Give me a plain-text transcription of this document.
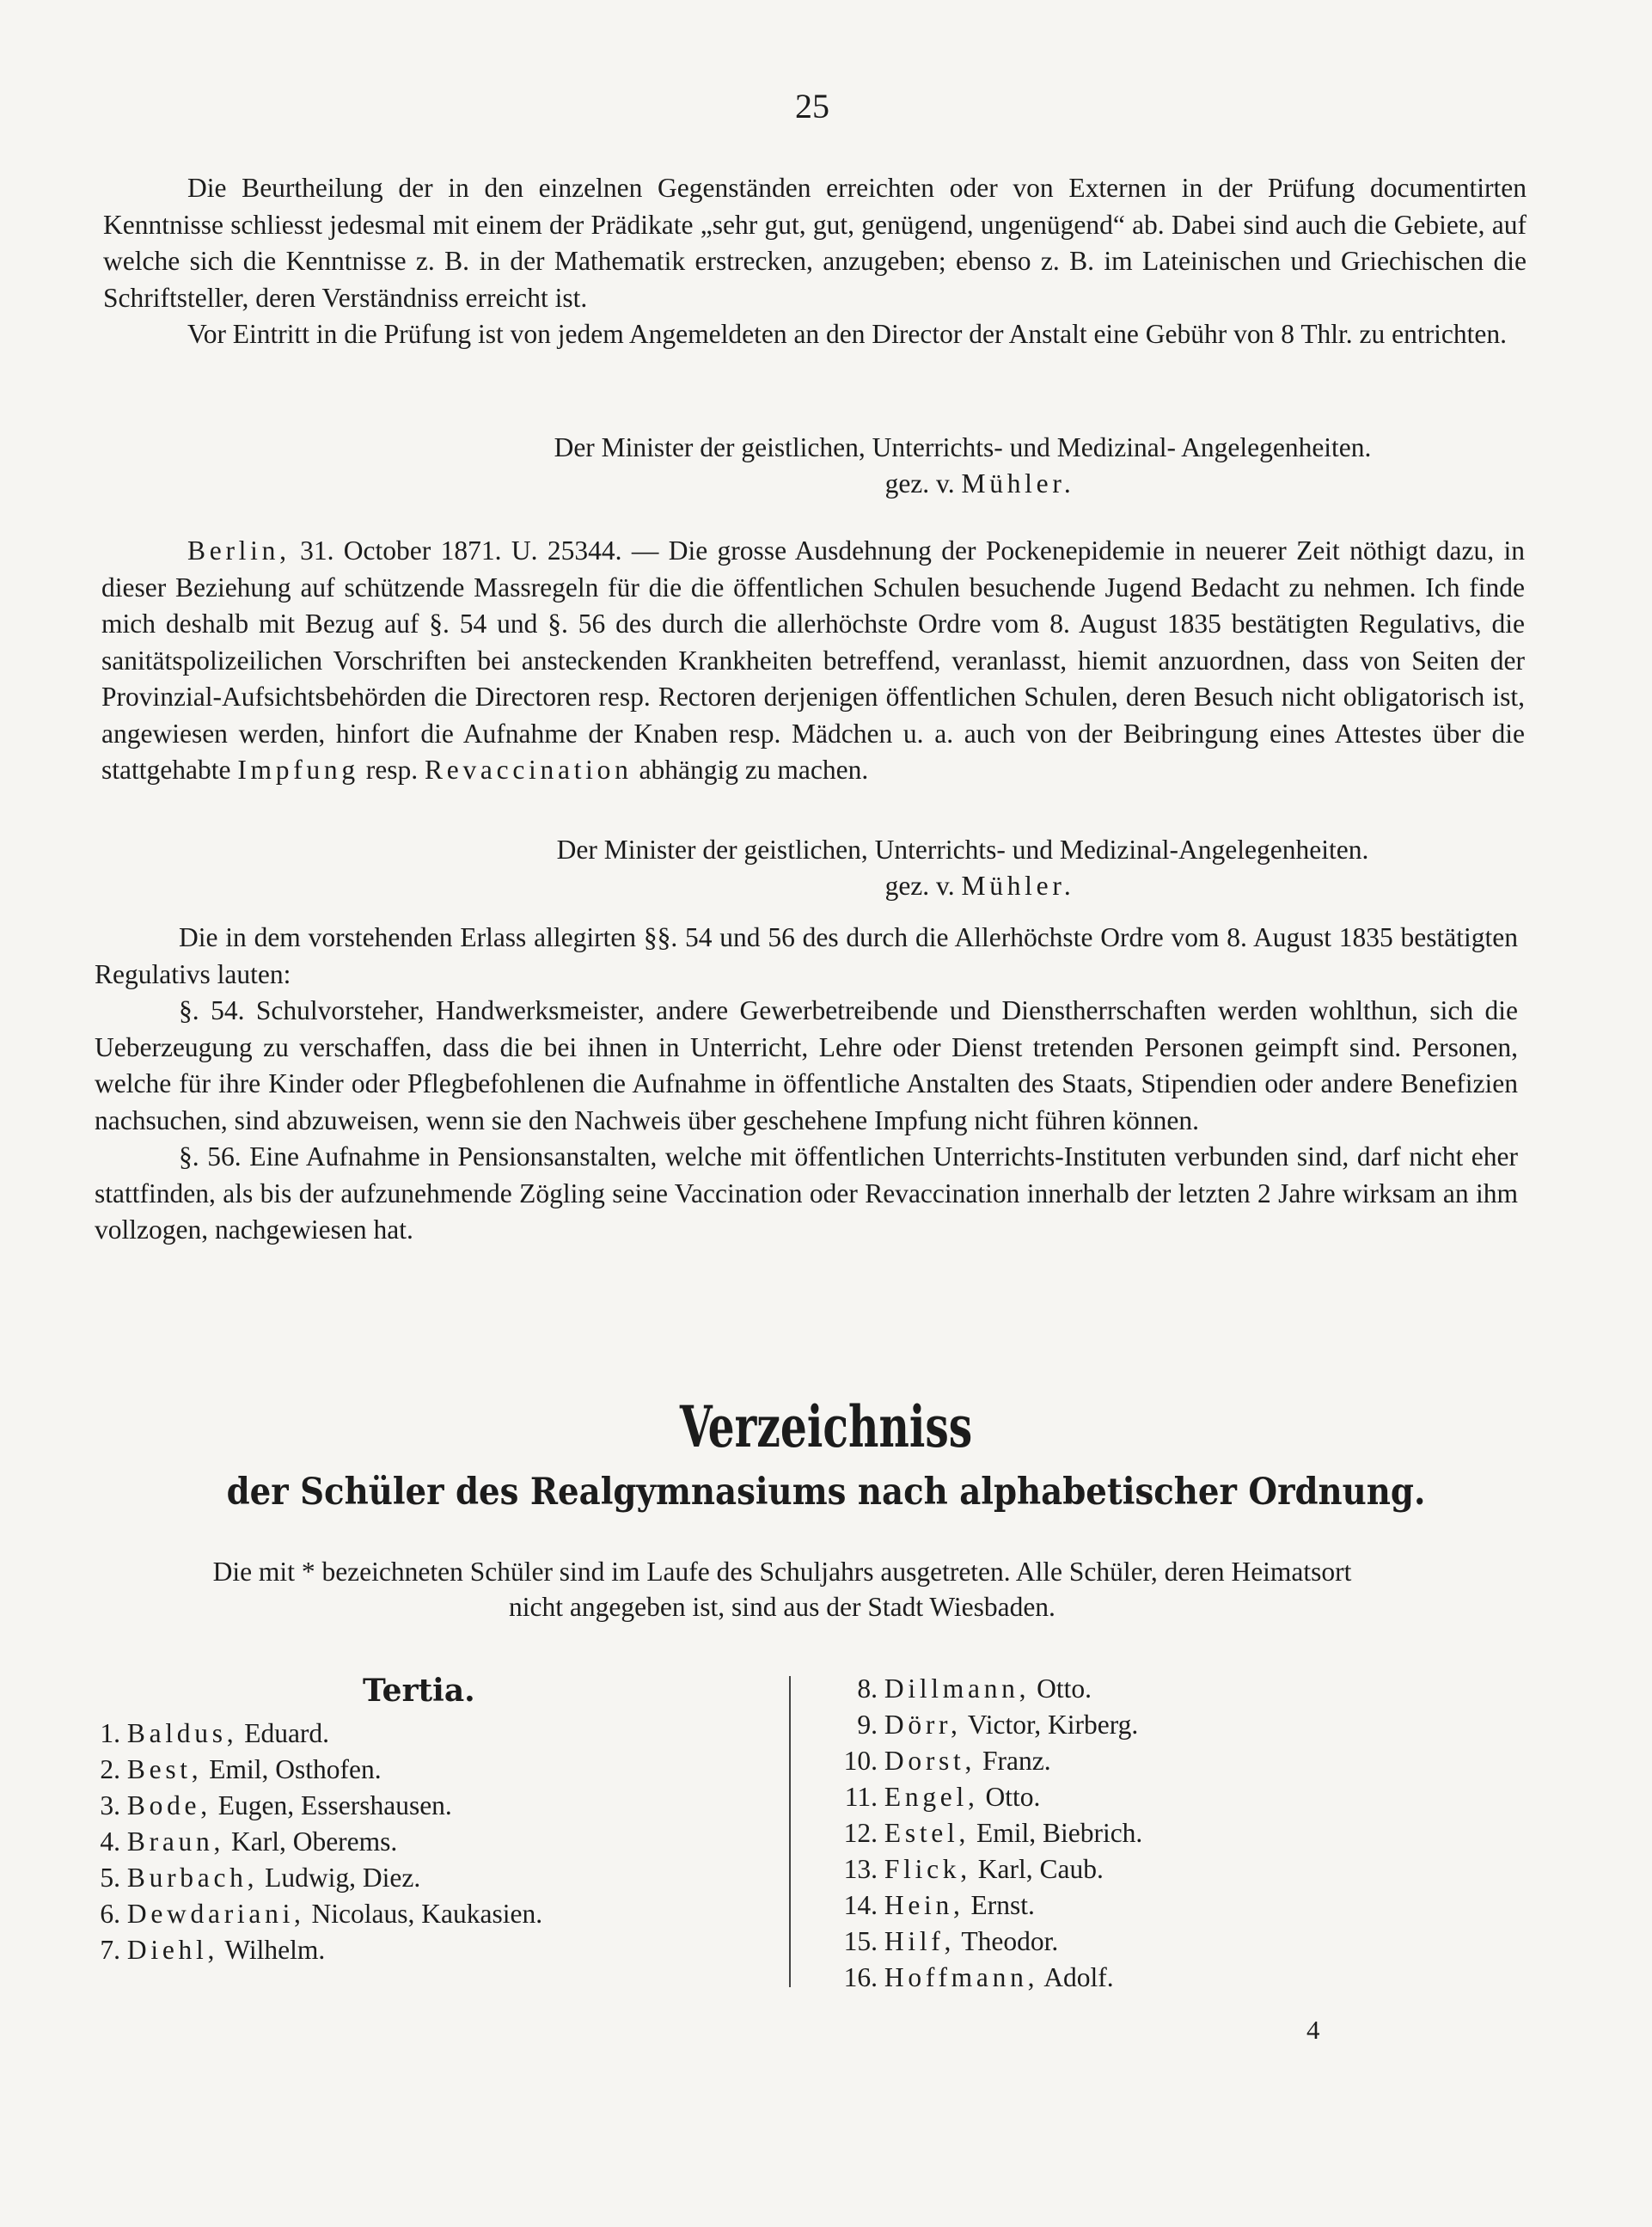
25

Die Beurtheilung der in den einzelnen Gegenständen erreichten oder von Externen in der Prüfung documentirten Kenntnisse schliesst jedesmal mit einem der Prädikate „sehr gut, gut, genügend, ungenügend“ ab. Dabei sind auch die Gebiete, auf welche sich die Kenntnisse z. B. in der Mathematik erstrecken, anzugeben; ebenso z. B. im Lateinischen und Griechischen die Schriftsteller, deren Verständniss erreicht ist.

Vor Eintritt in die Prüfung ist von jedem Angemeldeten an den Director der Anstalt eine Gebühr von 8 Thlr. zu entrichten.

Der Minister der geistlichen, Unterrichts- und Medizinal- Angelegenheiten.
gez. v. Mühler.

Berlin, 31. October 1871. U. 25344. — Die grosse Ausdehnung der Pockenepidemie in neuerer Zeit nöthigt dazu, in dieser Beziehung auf schützende Massregeln für die die öffentlichen Schulen besuchende Jugend Bedacht zu nehmen. Ich finde mich deshalb mit Bezug auf §. 54 und §. 56 des durch die allerhöchste Ordre vom 8. August 1835 bestätigten Regulativs, die sanitätspolizeilichen Vorschriften bei ansteckenden Krankheiten betreffend, veranlasst, hiemit anzuordnen, dass von Seiten der Provinzial-Aufsichtsbehörden die Directoren resp. Rectoren derjenigen öffentlichen Schulen, deren Besuch nicht obligatorisch ist, angewiesen werden, hinfort die Aufnahme der Knaben resp. Mädchen u. a. auch von der Beibringung eines Attestes über die stattgehabte Impfung resp. Revaccination abhängig zu machen.

Der Minister der geistlichen, Unterrichts- und Medizinal-Angelegenheiten.
gez. v. Mühler.

Die in dem vorstehenden Erlass allegirten §§. 54 und 56 des durch die Allerhöchste Ordre vom 8. August 1835 bestätigten Regulativs lauten:

§. 54. Schulvorsteher, Handwerksmeister, andere Gewerbetreibende und Dienstherrschaften werden wohlthun, sich die Ueberzeugung zu verschaffen, dass die bei ihnen in Unterricht, Lehre oder Dienst tretenden Personen geimpft sind. Personen, welche für ihre Kinder oder Pflegbefohlenen die Aufnahme in öffentliche Anstalten des Staats, Stipendien oder andere Benefizien nachsuchen, sind abzuweisen, wenn sie den Nachweis über geschehene Impfung nicht führen können.

§. 56. Eine Aufnahme in Pensionsanstalten, welche mit öffentlichen Unterrichts-Instituten verbunden sind, darf nicht eher stattfinden, als bis der aufzunehmende Zögling seine Vaccination oder Revaccination innerhalb der letzten 2 Jahre wirksam an ihm vollzogen, nachgewiesen hat.

Verzeichniss
der Schüler des Realgymnasiums nach alphabetischer Ordnung.
Die mit * bezeichneten Schüler sind im Laufe des Schuljahrs ausgetreten. Alle Schüler, deren Heimatsort
nicht angegeben ist, sind aus der Stadt Wiesbaden.
Tertia.
1. Baldus, Eduard.
2. Best, Emil, Osthofen.
3. Bode, Eugen, Essershausen.
4. Braun, Karl, Oberems.
5. Burbach, Ludwig, Diez.
6. Dewdariani, Nicolaus, Kaukasien.
7. Diehl, Wilhelm.
8. Dillmann, Otto.
9. Dörr, Victor, Kirberg.
10. Dorst, Franz.
11. Engel, Otto.
12. Estel, Emil, Biebrich.
13. Flick, Karl, Caub.
14. Hein, Ernst.
15. Hilf, Theodor.
16. Hoffmann, Adolf.
4
